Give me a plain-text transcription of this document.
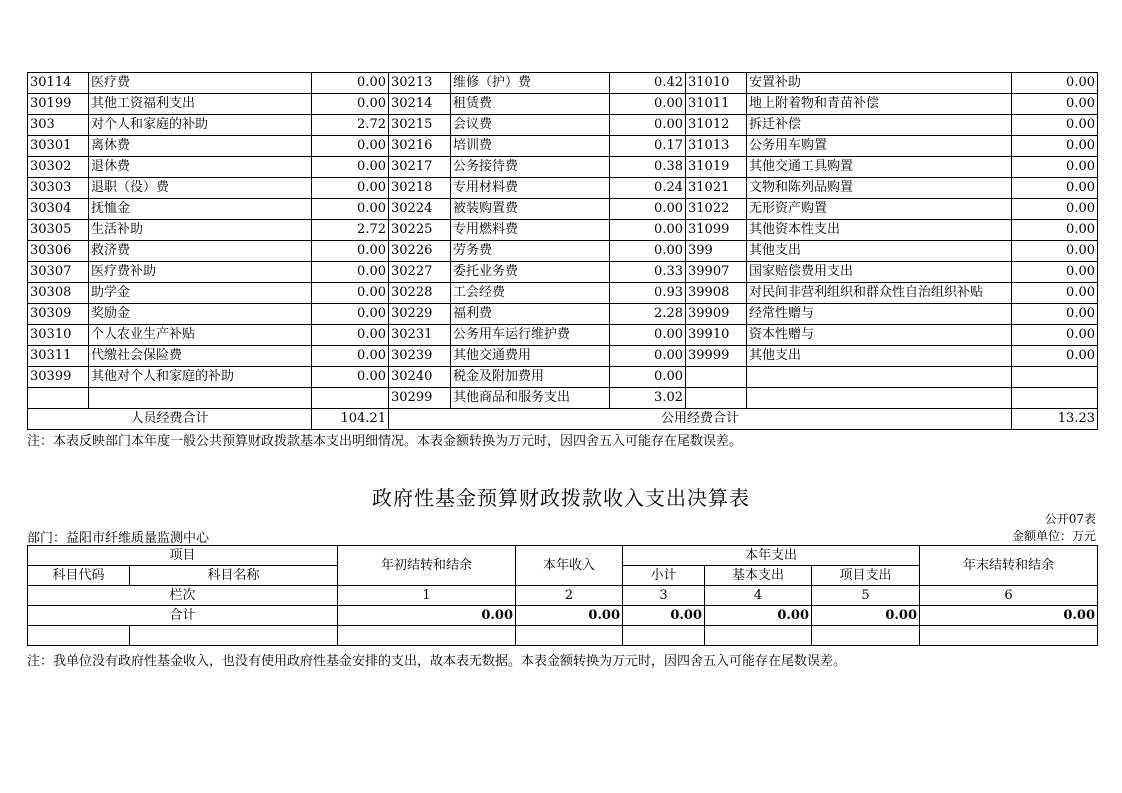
30114	医疗费	0.00	30213	维修（护）费	0.42	31010	安置补助	0.00
30199	其他工资福利支出	0.00	30214	租赁费	0.00	31011	地上附着物和青苗补偿	0.00
303	对个人和家庭的补助	2.72	30215	会议费	0.00	31012	拆迁补偿	0.00
30301	离休费	0.00	30216	培训费	0.17	31013	公务用车购置	0.00
30302	退休费	0.00	30217	公务接待费	0.38	31019	其他交通工具购置	0.00
30303	退职（役）费	0.00	30218	专用材料费	0.24	31021	文物和陈列品购置	0.00
30304	抚恤金	0.00	30224	被装购置费	0.00	31022	无形资产购置	0.00
30305	生活补助	2.72	30225	专用燃料费	0.00	31099	其他资本性支出	0.00
30306	救济费	0.00	30226	劳务费	0.00	399	其他支出	0.00
30307	医疗费补助	0.00	30227	委托业务费	0.33	39907	国家赔偿费用支出	0.00
30308	助学金	0.00	30228	工会经费	0.93	39908	对民间非营利组织和群众性自治组织补贴	0.00
30309	奖励金	0.00	30229	福利费	2.28	39909	经常性赠与	0.00
30310	个人农业生产补贴	0.00	30231	公务用车运行维护费	0.00	39910	资本性赠与	0.00
30311	代缴社会保险费	0.00	30239	其他交通费用	0.00	39999	其他支出	0.00
30399	其他对个人和家庭的补助	0.00	30240	税金及附加费用	0.00			
			30299	其他商品和服务支出	3.02			
人员经费合计		104.21	公用经费合计					13.23
注：本表反映部门本年度一般公共预算财政拨款基本支出明细情况。本表金额转换为万元时，因四舍五入可能存在尾数误差。
政府性基金预算财政拨款收入支出决算表
公开07表
部门：益阳市纤维质量监测中心	金额单位：万元
项目		年初结转和结余	本年收入	本年支出			年末结转和结余
科目代码	科目名称			小计	基本支出	项目支出	
栏次		1	2	3	4	5	6
合计		0.00	0.00	0.00	0.00	0.00	0.00

注：我单位没有政府性基金收入，也没有使用政府性基金安排的支出，故本表无数据。本表金额转换为万元时，因四舍五入可能存在尾数误差。
